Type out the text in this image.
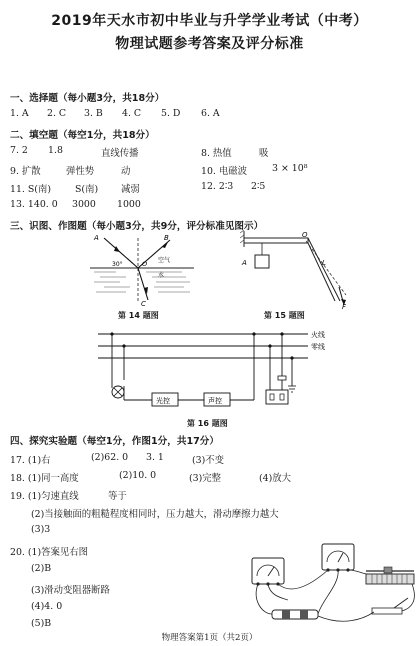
2019年天水市初中毕业与升学学业考试（中考）
物理试题参考答案及评分标准
一、选择题（每小题3分，共18分）
1. A 2. C 3. B 4. C 5. D 6. A
二、填空题（每空1分，共18分）
7. 2 1.8	直线传播	8. 热值	吸
9. 扩散	弹性势	动	10. 电磁波	3 × 10⁸
11. S(南)	S(南) 减弱	12. 2∶3 2∶5
13. 140. 0 3000 1000
三、识图、作图题（每小题3分，共9分，评分标准见图示）
A	B
O
30°
空气
水
C
第 14 题图
A
O
L
F
第 15 题图
火线
零线
光控	声控
第 16 题图
四、探究实验题（每空1分，作图1分，共17分）
17. (1)右	(2)62. 0 3. 1	(3)不变
18. (1)同一高度	(2)10. 0	(3)完整	(4)放大
19. (1)匀速直线	等于
(2)当接触面的粗糙程度相同时，压力越大，滑动摩擦力越大
(3)3
20. (1)答案见右图
(2)B
(3)滑动变阻器断路
(4)4. 0
(5)B
物理答案第1页（共2页）
